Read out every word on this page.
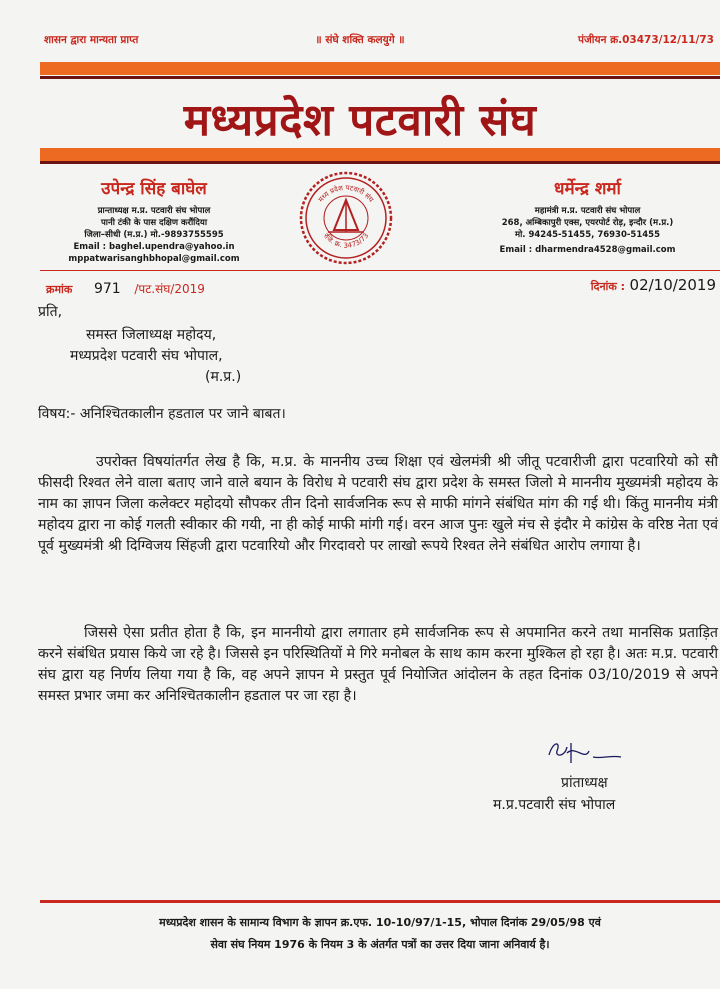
शासन द्वारा मान्यता प्राप्त	॥ संघे शक्ति कलयुगे ॥	पंजीयन क्र.03473/12/11/73
मध्यप्रदेश पटवारी संघ
उपेन्द्र सिंह बाघेल
प्रान्ताध्यक्ष म.प्र. पटवारी संघ भोपाल
पानी टंकी के पास दक्षिण करौंदिया
जिला–सीधी (म.प्र.) मो.-9893755595
Email : baghel.upendra@yahoo.in
mppatwarisanghbhopal@gmail.com
मध्य प्रदेश पटवारी संघ
रजि. क्र. 3473/73
धर्मेन्द्र शर्मा
महामंत्री म.प्र. पटवारी संघ भोपाल
268, अम्बिकापुरी एक्स, एयरपोर्ट रोड़, इन्दौर (म.प्र.)
मो. 94245-51455, 76930-51455
Email : dharmendra4528@gmail.com
क्रमांक 971 /पट.संघ/2019	दिनांक : 02/10/2019
प्रति,
समस्त जिलाध्यक्ष महोदय,
मध्यप्रदेश पटवारी संघ भोपाल,
(म.प्र.)
विषय:- अनिश्चितकालीन हडताल पर जाने बाबत।
उपरोक्त विषयांतर्गत लेख है कि, म.प्र. के माननीय उच्च शिक्षा एवं खेलमंत्री श्री जीतू पटवारीजी द्वारा पटवारियो को सौ फीसदी रिश्वत लेने वाला बताए जाने वाले बयान के विरोध मे पटवारी संघ द्वारा प्रदेश के समस्त जिलो मे माननीय मुख्यमंत्री महोदय के नाम का ज्ञापन जिला कलेक्टर महोदयो सौपकर तीन दिनो सार्वजनिक रूप से माफी मांगने संबंधित मांग की गई थी। किंतु माननीय मंत्री महोदय द्वारा ना कोई गलती स्वीकार की गयी, ना ही कोई माफी मांगी गई। वरन आज पुनः खुले मंच से इंदौर मे कांग्रेस के वरिष्ठ नेता एवं पूर्व मुख्यमंत्री श्री दिग्विजय सिंहजी द्वारा पटवारियो और गिरदावरो पर लाखो रूपये रिश्वत लेने संबंधित आरोप लगाया है।
जिससे ऐसा प्रतीत होता है कि, इन माननीयो द्वारा लगातार हमे सार्वजनिक रूप से अपमानित करने तथा मानसिक प्रताड़ित करने संबंधित प्रयास किये जा रहे है। जिससे इन परिस्थितियों मे गिरे मनोबल के साथ काम करना मुश्किल हो रहा है। अतः म.प्र. पटवारी संघ द्वारा यह निर्णय लिया गया है कि, वह अपने ज्ञापन मे प्रस्तुत पूर्व नियोजित आंदोलन के तहत दिनांक 03/10/2019 से अपने समस्त प्रभार जमा कर अनिश्चितकालीन हडताल पर जा रहा है।
प्रांताध्यक्ष
म.प्र.पटवारी संघ भोपाल
मध्यप्रदेश शासन के सामान्य विभाग के ज्ञापन क्र.एफ. 10-10/97/1-15, भोपाल दिनांक 29/05/98 एवं
सेवा संघ नियम 1976 के नियम 3 के अंतर्गत पत्रों का उत्तर दिया जाना अनिवार्य है।
